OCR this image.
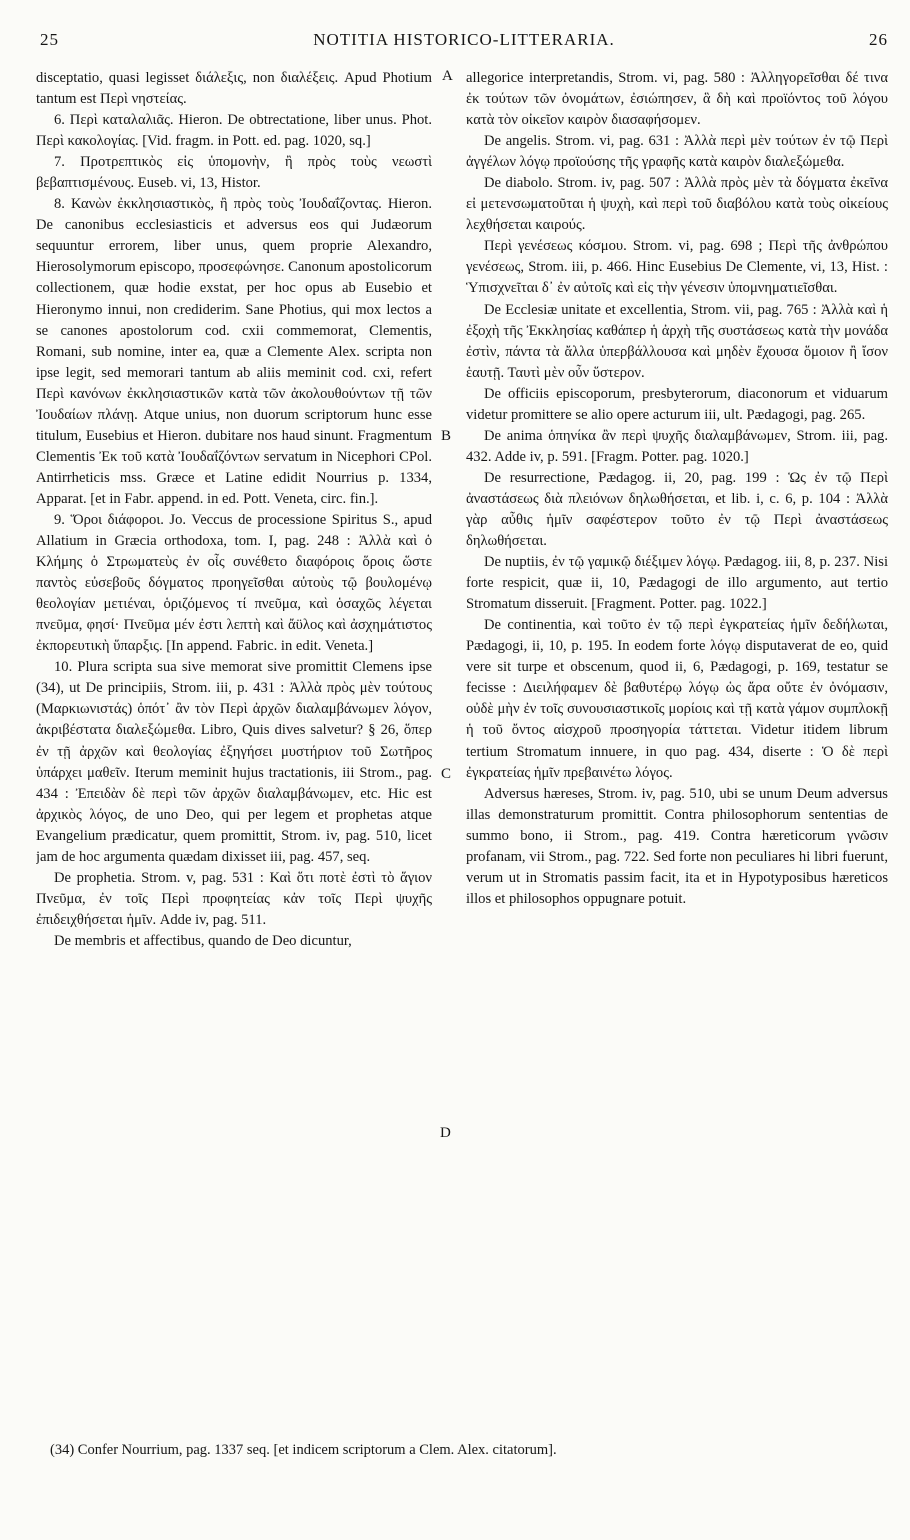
25	NOTITIA HISTORICO-LITTERARIA.	26

disceptatio, quasi legisset διάλεξις, non διαλέξεις. Apud Photium tantum est Περὶ νηστείας.

6. Περὶ καταλαλιᾶς. Hieron. De obtrectatione, liber unus. Phot. Περὶ κακολογίας. [Vid. fragm. in Pott. ed. pag. 1020, sq.]

7. Προτρεπτικὸς εἰς ὑπομονὴν, ἢ πρὸς τοὺς νεωστὶ βεβαπτισμένους. Euseb. vi, 13, Histor.

8. Κανὼν ἐκκλησιαστικὸς, ἢ πρὸς τοὺς Ἰουδαΐζοντας. Hieron. De canonibus ecclesiasticis et adversus eos qui Judæorum sequuntur errorem, liber unus, quem proprie Alexandro, Hierosolymorum episcopo, προσεφώνησε. Canonum apostolicorum collectionem, quæ hodie exstat, per hoc opus ab Eusebio et Hieronymo innui, non crediderim. Sane Photius, qui mox lectos a se canones apostolorum cod. cxii commemorat, Clementis, Romani, sub nomine, inter ea, quæ a Clemente Alex. scripta non ipse legit, sed memorari tantum ab aliis meminit cod. cxi, refert Περὶ κανόνων ἐκκλησιαστικῶν κατὰ τῶν ἀκολουθούντων τῇ τῶν Ἰουδαίων πλάνῃ. Atque unius, non duorum scriptorum hunc esse titulum, Eusebius et Hieron. dubitare nos haud sinunt. Fragmentum Clementis Ἐκ τοῦ κατὰ Ἰουδαΐζόντων servatum in Nicephori CPol. Antirrheticis mss. Græce et Latine edidit Nourrius p. 1334, Apparat. [et in Fabr. append. in ed. Pott. Veneta, circ. fin.].

9. Ὅροι διάφοροι. Jo. Veccus de processione Spiritus S., apud Allatium in Græcia orthodoxa, tom. I, pag. 248 : Ἀλλὰ καὶ ὁ Κλήμης ὁ Στρωματεὺς ἐν οἷς συνέθετο διαφόροις ὅροις ὥστε παντὸς εὐσεβοῦς δόγματος προηγεῖσθαι αὐτοὺς τῷ βουλομένῳ θεολογίαν μετιέναι, ὁριζόμενος τί πνεῦμα, καὶ ὁσαχῶς λέγεται πνεῦμα, φησί· Πνεῦμα μέν ἐστι λεπτὴ καὶ ἄϋλος καὶ ἀσχημάτιστος ἐκπορευτικὴ ὕπαρξις. [In append. Fabric. in edit. Veneta.]

10. Plura scripta sua sive memorat sive promittit Clemens ipse (34), ut De principiis, Strom. iii, p. 431 : Ἀλλὰ πρὸς μὲν τούτους (Μαρκιωνιστάς) ὁπότ᾽ ἂν τὸν Περὶ ἀρχῶν διαλαμβάνωμεν λόγον, ἀκριβέστατα διαλεξώμεθα. Libro, Quis dives salvetur? § 26, ὅπερ ἐν τῇ ἀρχῶν καὶ θεολογίας ἐξηγήσει μυστήριον τοῦ Σωτῆρος ὑπάρχει μαθεῖν. Iterum meminit hujus tractationis, iii Strom., pag. 434 : Ἐπειδὰν δὲ περὶ τῶν ἀρχῶν διαλαμβάνωμεν, etc. Hic est ἀρχικὸς λόγος, de uno Deo, qui per legem et prophetas atque Evangelium prædicatur, quem promittit, Strom. iv, pag. 510, licet jam de hoc argumenta quædam dixisset iii, pag. 457, seq.

De prophetia. Strom. v, pag. 531 : Καὶ ὅτι ποτὲ ἐστὶ τὸ ἅγιον Πνεῦμα, ἐν τοῖς Περὶ προφητείας κἀν τοῖς Περὶ ψυχῆς ἐπιδειχθήσεται ἡμῖν. Adde iv, pag. 511.

De membris et affectibus, quando de Deo dicuntur,

A
B
C
D

allegorice interpretandis, Strom. vi, pag. 580 : Ἀλληγορεῖσθαι δέ τινα ἐκ τούτων τῶν ὀνομάτων, ἐσιώπησεν, ἃ δὴ καὶ προϊόντος τοῦ λόγου κατὰ τὸν οἰκεῖον καιρὸν διασαφήσομεν.

De angelis. Strom. vi, pag. 631 : Ἀλλὰ περὶ μὲν τούτων ἐν τῷ Περὶ ἀγγέλων λόγῳ προϊούσης τῆς γραφῆς κατὰ καιρὸν διαλεξώμεθα.

De diabolo. Strom. iv, pag. 507 : Ἀλλὰ πρὸς μὲν τὰ δόγματα ἐκεῖνα εἰ μετενσωματοῦται ἡ ψυχὴ, καὶ περὶ τοῦ διαβόλου κατὰ τοὺς οἰκείους λεχθήσεται καιρούς.

Περὶ γενέσεως κόσμου. Strom. vi, pag. 698 ; Περὶ τῆς ἀνθρώπου γενέσεως, Strom. iii, p. 466. Hinc Eusebius De Clemente, vi, 13, Hist. : Ὑπισχνεῖται δ᾽ ἐν αὐτοῖς καὶ εἰς τὴν γένεσιν ὑπομνηματιεῖσθαι.

De Ecclesiæ unitate et excellentia, Strom. vii, pag. 765 : Ἀλλὰ καὶ ἡ ἐξοχὴ τῆς Ἐκκλησίας καθάπερ ἡ ἀρχὴ τῆς συστάσεως κατὰ τὴν μονάδα ἐστὶν, πάντα τὰ ἄλλα ὑπερβάλλουσα καὶ μηδὲν ἔχουσα ὅμοιον ἢ ἴσον ἑαυτῇ. Ταυτὶ μὲν οὖν ὕστερον.

De officiis episcoporum, presbyterorum, diaconorum et viduarum videtur promittere se alio opere acturum iii, ult. Pædagogi, pag. 265.

De anima ὁπηνίκα ἂν περὶ ψυχῆς διαλαμβάνωμεν, Strom. iii, pag. 432. Adde iv, p. 591. [Fragm. Potter. pag. 1020.]

De resurrectione, Pædagog. ii, 20, pag. 199 : Ὡς ἐν τῷ Περὶ ἀναστάσεως διὰ πλειόνων δηλωθήσεται, et lib. i, c. 6, p. 104 : Ἀλλὰ γὰρ αὖθις ἡμῖν σαφέστερον τοῦτο ἐν τῷ Περὶ ἀναστάσεως δηλωθήσεται.

De nuptiis, ἐν τῷ γαμικῷ διέξιμεν λόγῳ. Pædagog. iii, 8, p. 237. Nisi forte respicit, quæ ii, 10, Pædagogi de illo argumento, aut tertio Stromatum disseruit. [Fragment. Potter. pag. 1022.]

De continentia, καὶ τοῦτο ἐν τῷ περὶ ἐγκρατείας ἡμῖν δεδήλωται, Pædagogi, ii, 10, p. 195. In eodem forte λόγῳ disputaverat de eo, quid vere sit turpe et obscenum, quod ii, 6, Pædagogi, p. 169, testatur se fecisse : Διειλήφαμεν δὲ βαθυτέρῳ λόγῳ ὡς ἄρα οὔτε ἐν ὀνόμασιν, οὐδὲ μὴν ἐν τοῖς συνουσιαστικοῖς μορίοις καὶ τῇ κατὰ γάμον συμπλοκῇ ἡ τοῦ ὄντος αἰσχροῦ προσηγορία τάττεται. Videtur itidem librum tertium Stromatum innuere, in quo pag. 434, diserte : Ὁ δὲ περὶ ἐγκρατείας ἡμῖν πρεβαινέτω λόγος.

Adversus hæreses, Strom. iv, pag. 510, ubi se unum Deum adversus illas demonstraturum promittit. Contra philosophorum sententias de summo bono, ii Strom., pag. 419. Contra hæreticorum γνῶσιν profanam, vii Strom., pag. 722. Sed forte non peculiares hi libri fuerunt, verum ut in Stromatis passim facit, ita et in Hypotyposibus hæreticos illos et philosophos oppugnare potuit.

(34) Confer Nourrium, pag. 1337 seq. [et indicem scriptorum a Clem. Alex. citatorum].
